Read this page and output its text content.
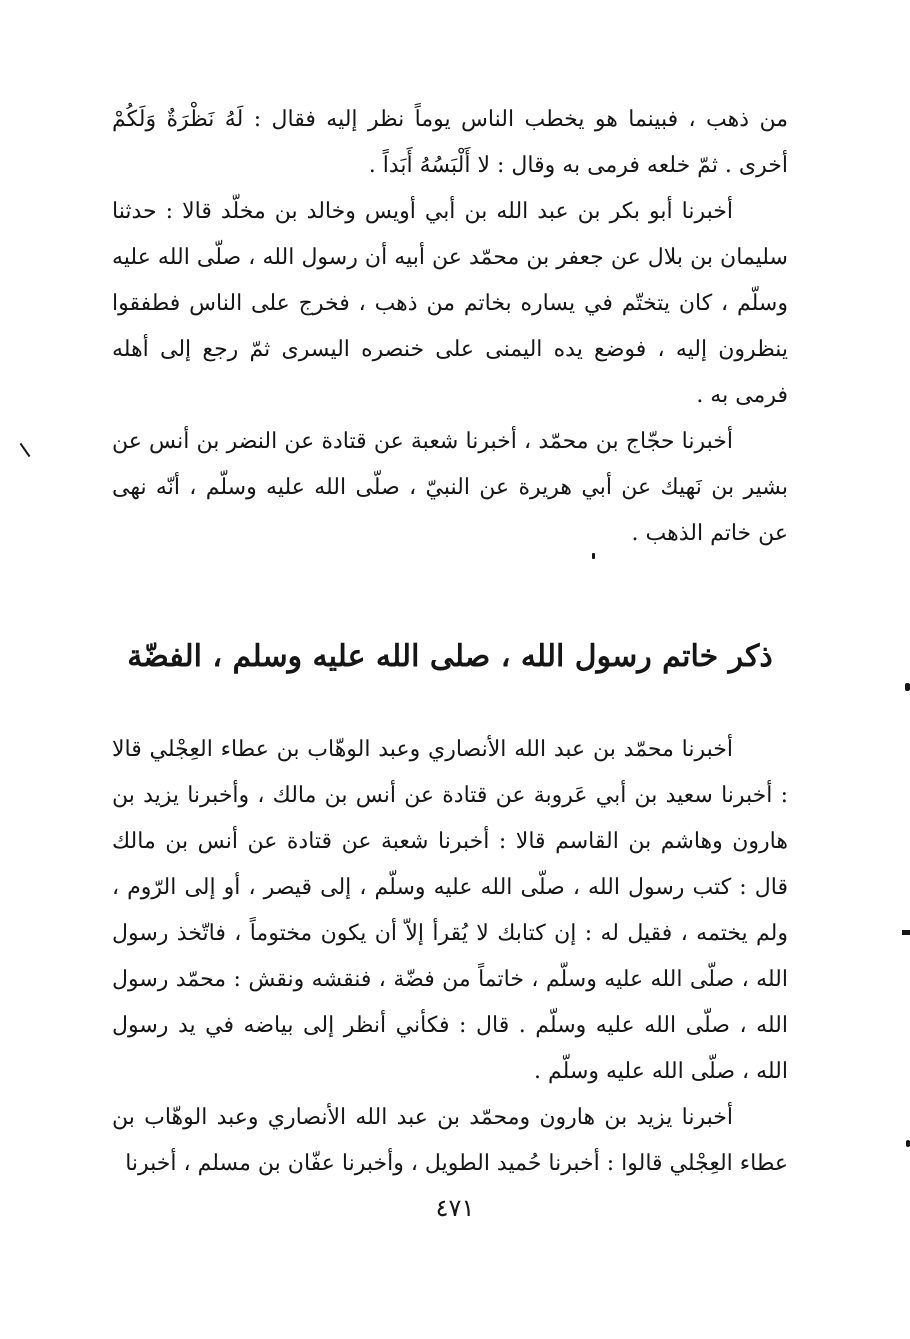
من ذهب ، فبينما هو يخطب الناس يوماً نظر إليه فقال : لَهُ نَظْرَةٌ وَلَكُمْ أخرى . ثمّ خلعه فرمى به وقال : لا أَلْبَسُهُ أَبَداً .

أخبرنا أبو بكر بن عبد الله بن أبي أويس وخالد بن مخلّد قالا : حدثنا سليمان بن بلال عن جعفر بن محمّد عن أبيه أن رسول الله ، صلّى الله عليه وسلّم ، كان يتختّم في يساره بخاتم من ذهب ، فخرج على الناس فطفقوا ينظرون إليه ، فوضع يده اليمنى على خنصره اليسرى ثمّ رجع إلى أهله فرمى به .

أخبرنا حجّاج بن محمّد ، أخبرنا شعبة عن قتادة عن النضر بن أنس عن بشير بن نَهيك عن أبي هريرة عن النبيّ ، صلّى الله عليه وسلّم ، أنّه نهى عن خاتم الذهب .

ذكر خاتم رسول الله ، صلى الله عليه وسلم ، الفضّة

أخبرنا محمّد بن عبد الله الأنصاري وعبد الوهّاب بن عطاء العِجْلي قالا : أخبرنا سعيد بن أبي عَروبة عن قتادة عن أنس بن مالك ، وأخبرنا يزيد بن هارون وهاشم بن القاسم قالا : أخبرنا شعبة عن قتادة عن أنس بن مالك قال : كتب رسول الله ، صلّى الله عليه وسلّم ، إلى قيصر ، أو إلى الرّوم ، ولم يختمه ، فقيل له : إن كتابك لا يُقرأ إلاّ أن يكون مختوماً ، فاتّخذ رسول الله ، صلّى الله عليه وسلّم ، خاتماً من فضّة ، فنقشه ونقش : محمّد رسول الله ، صلّى الله عليه وسلّم . قال : فكأني أنظر إلى بياضه في يد رسول الله ، صلّى الله عليه وسلّم .

أخبرنا يزيد بن هارون ومحمّد بن عبد الله الأنصاري وعبد الوهّاب بن عطاء العِجْلي قالوا : أخبرنا حُميد الطويل ، وأخبرنا عفّان بن مسلم ، أخبرنا

٤٧١
